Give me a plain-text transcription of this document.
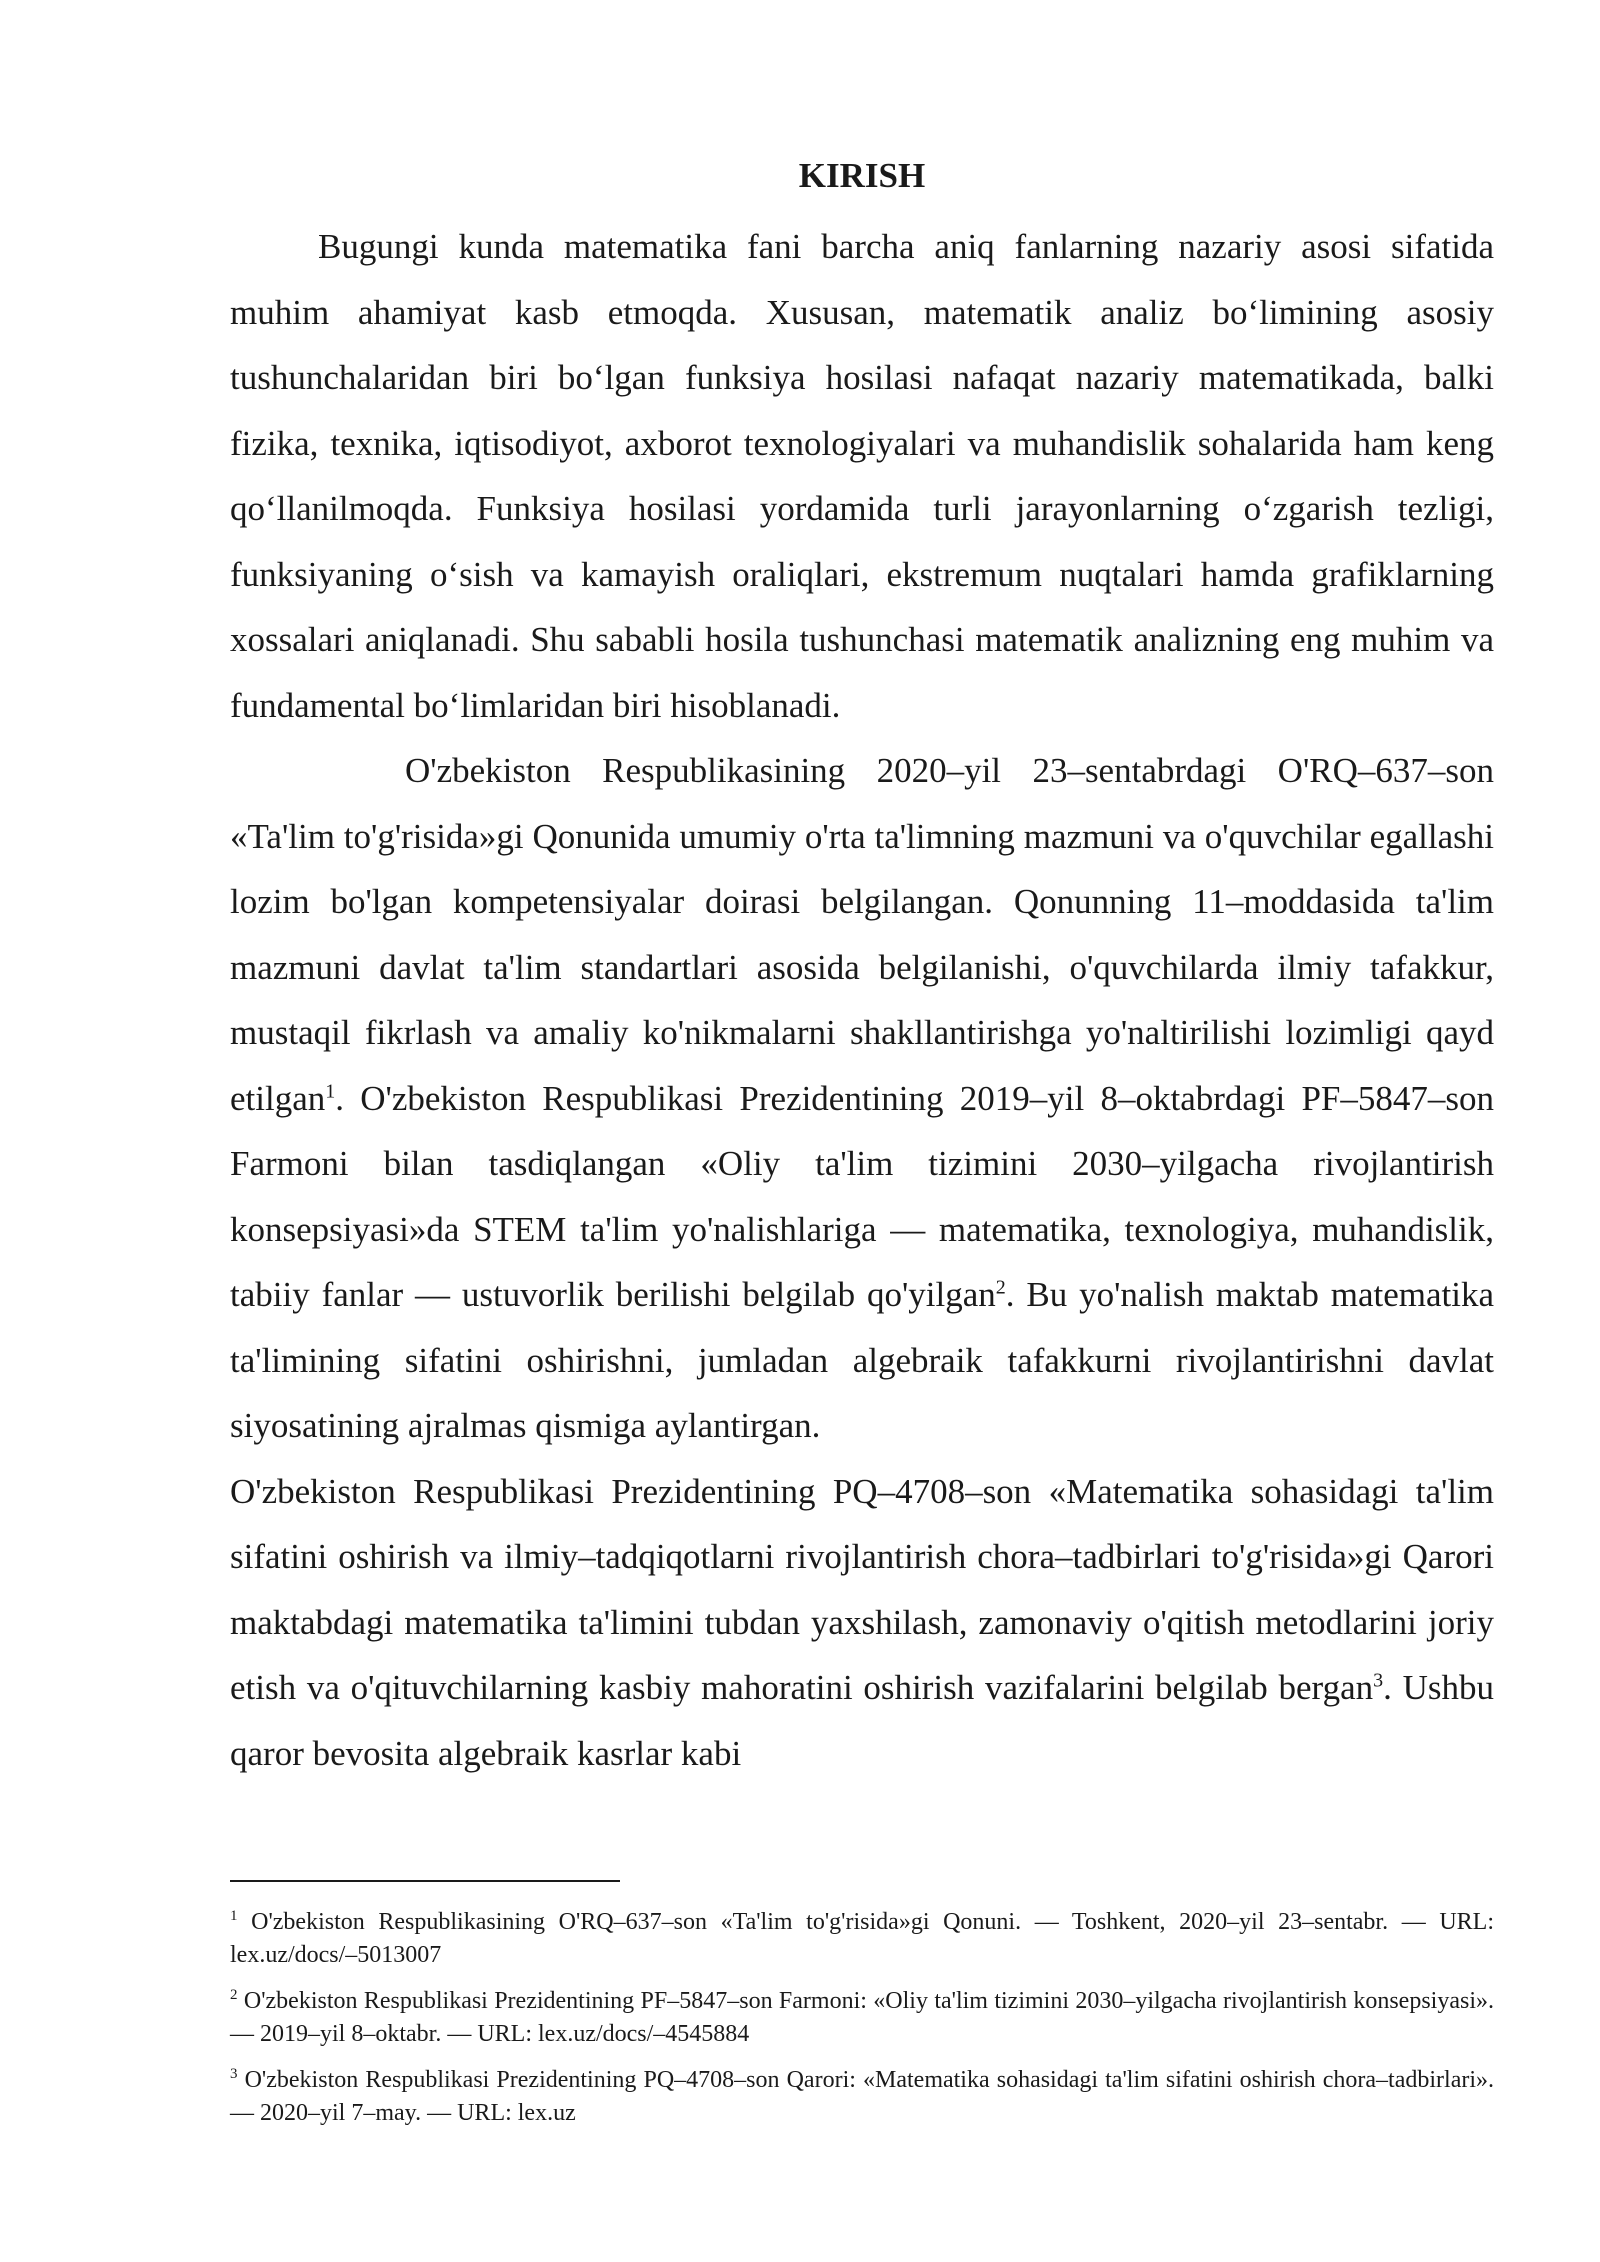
KIRISH

Bugungi kunda matematika fani barcha aniq fanlarning nazariy asosi sifatida muhim ahamiyat kasb etmoqda. Xususan, matematik analiz bo‘limining asosiy tushunchalaridan biri bo‘lgan funksiya hosilasi nafaqat nazariy matematikada, balki fizika, texnika, iqtisodiyot, axborot texnologiyalari va muhandislik sohalarida ham keng qo‘llanilmoqda. Funksiya hosilasi yordamida turli jarayonlarning o‘zgarish tezligi, funksiyaning o‘sish va kamayish oraliqlari, ekstremum nuqtalari hamda grafiklarning xossalari aniqlanadi. Shu sababli hosila tushunchasi matematik analizning eng muhim va fundamental bo‘limlaridan biri hisoblanadi.

O'zbekiston Respublikasining 2020–yil 23–sentabrdagi O'RQ–637–son «Ta'lim to'g'risida»gi Qonunida umumiy o'rta ta'limning mazmuni va o'quvchilar egallashi lozim bo'lgan kompetensiyalar doirasi belgilangan. Qonunning 11–moddasida ta'lim mazmuni davlat ta'lim standartlari asosida belgilanishi, o'quvchilarda ilmiy tafakkur, mustaqil fikrlash va amaliy ko'nikmalarni shakllantirishga yo'naltirilishi lozimligi qayd etilgan$^1$. O'zbekiston Respublikasi Prezidentining 2019–yil 8–oktabrdagi PF–5847–son Farmoni bilan tasdiqlangan «Oliy ta'lim tizimini 2030–yilgacha rivojlantirish konsepsiyasi»da STEM ta'lim yo'nalishlariga — matematika, texnologiya, muhandislik, tabiiy fanlar — ustuvorlik berilishi belgilab qo'yilgan$^2$. Bu yo'nalish maktab matematika ta'limining sifatini oshirishni, jumladan algebraik tafakkurni rivojlantirishni davlat siyosatining ajralmas qismiga aylantirgan.

O'zbekiston Respublikasi Prezidentining PQ–4708–son «Matematika sohasidagi ta'lim sifatini oshirish va ilmiy–tadqiqotlarni rivojlantirish chora–tadbirlari to'g'risida»gi Qarori maktabdagi matematika ta'limini tubdan yaxshilash, zamonaviy o'qitish metodlarini joriy etish va o'qituvchilarning kasbiy mahoratini oshirish vazifalarini belgilab bergan$^3$. Ushbu qaror bevosita algebraik kasrlar kabi

$^1$ O'zbekiston Respublikasining O'RQ–637–son «Ta'lim to'g'risida»gi Qonuni. — Toshkent, 2020–yil 23–sentabr. — URL: lex.uz/docs/–5013007

$^2$ O'zbekiston Respublikasi Prezidentining PF–5847–son Farmoni: «Oliy ta'lim tizimini 2030–yilgacha rivojlantirish konsepsiyasi». — 2019–yil 8–oktabr. — URL: lex.uz/docs/–4545884

$^3$ O'zbekiston Respublikasi Prezidentining PQ–4708–son Qarori: «Matematika sohasidagi ta'lim sifatini oshirish chora–tadbirlari». — 2020–yil 7–may. — URL: lex.uz
